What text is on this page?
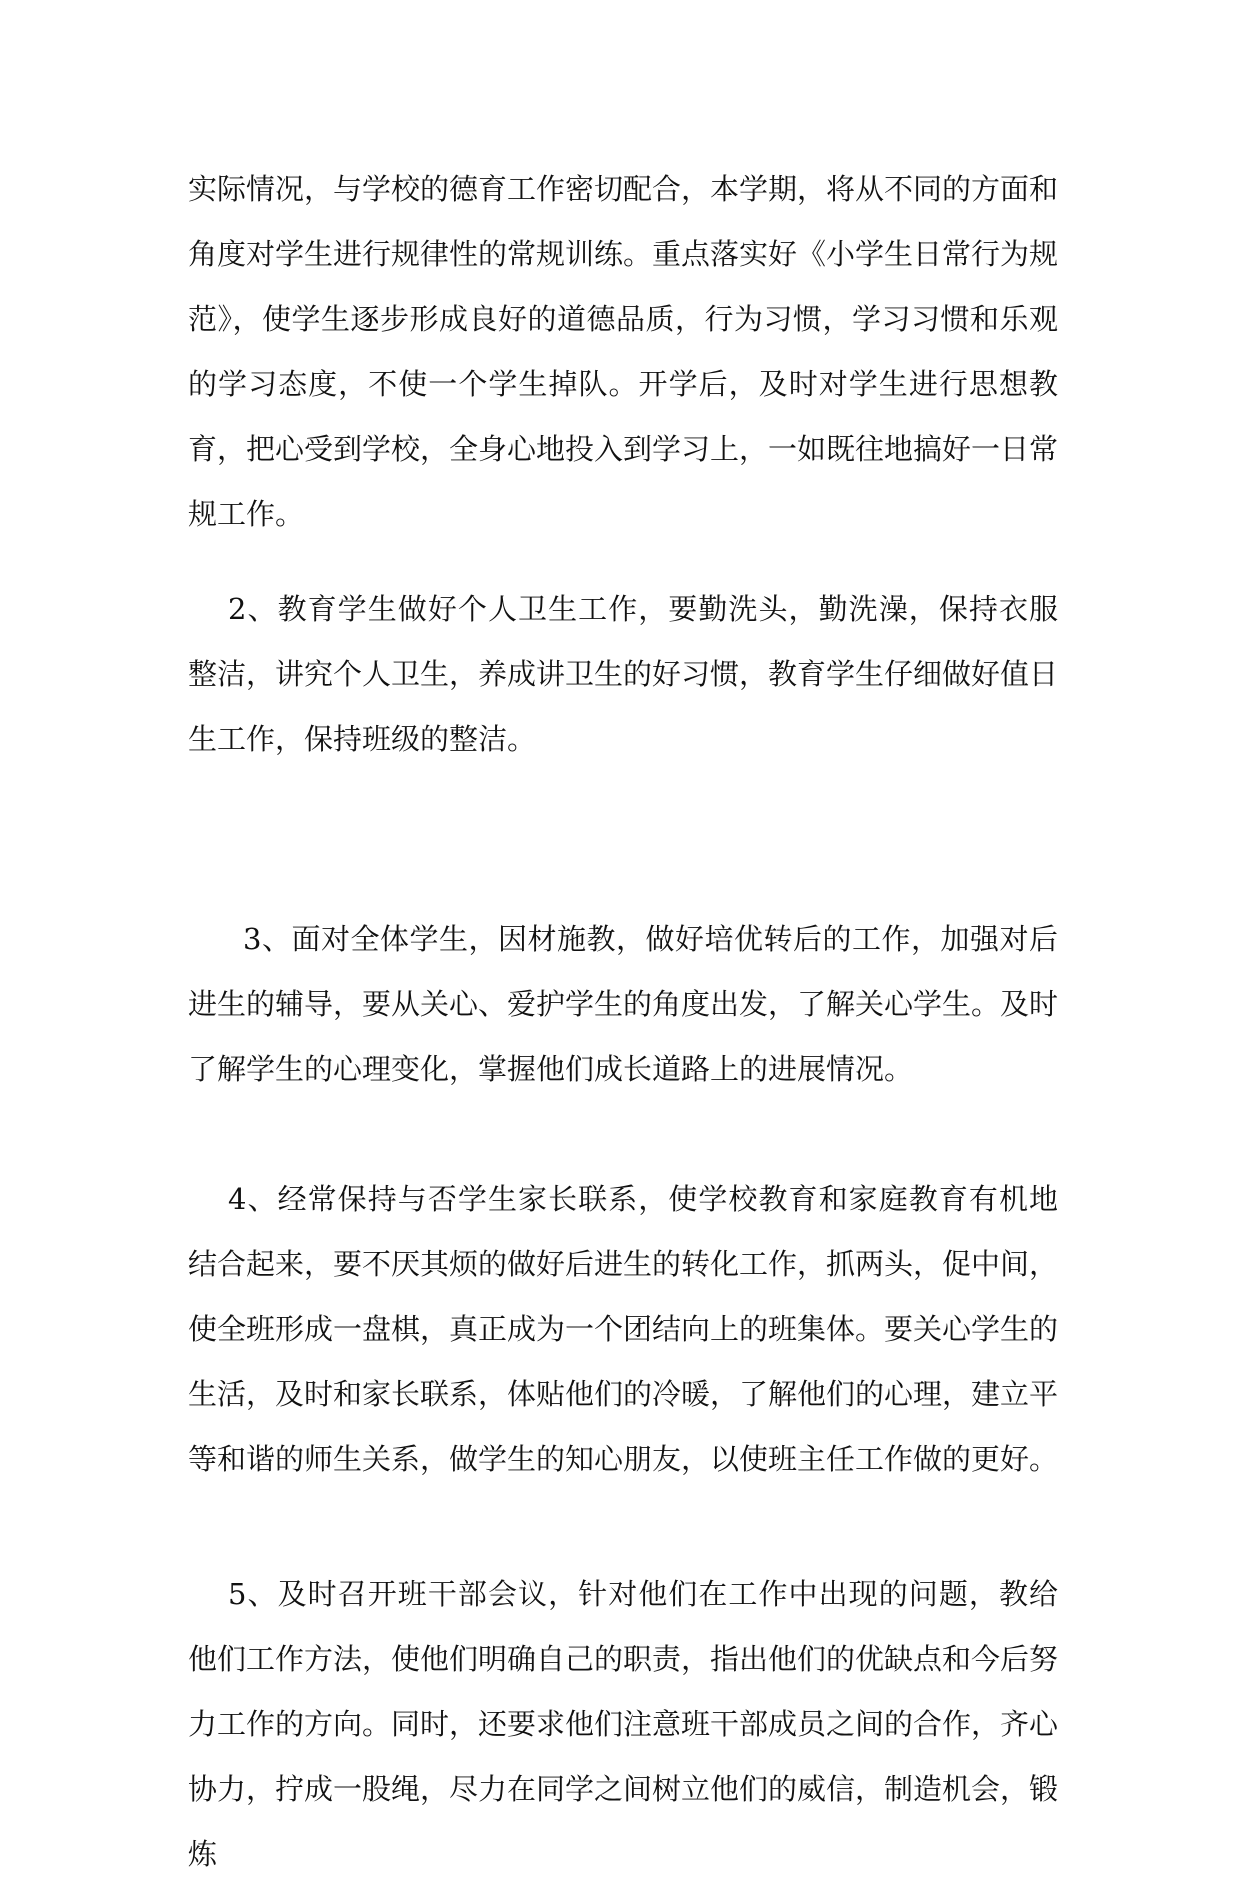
实际情况，与学校的德育工作密切配合，本学期，将从不同的方面和角度对学生进行规律性的常规训练。重点落实好《小学生日常行为规范》，使学生逐步形成良好的道德品质，行为习惯，学习习惯和乐观的学习态度，不使一个学生掉队。开学后，及时对学生进行思想教育，把心受到学校，全身心地投入到学习上，一如既往地搞好一日常规工作。

2、教育学生做好个人卫生工作，要勤洗头，勤洗澡，保持衣服整洁，讲究个人卫生，养成讲卫生的好习惯，教育学生仔细做好值日生工作，保持班级的整洁。

3、面对全体学生，因材施教，做好培优转后的工作，加强对后进生的辅导，要从关心、爱护学生的角度出发，了解关心学生。及时了解学生的心理变化，掌握他们成长道路上的进展情况。

4、经常保持与否学生家长联系，使学校教育和家庭教育有机地结合起来，要不厌其烦的做好后进生的转化工作，抓两头，促中间，使全班形成一盘棋，真正成为一个团结向上的班集体。要关心学生的生活，及时和家长联系，体贴他们的冷暖，了解他们的心理，建立平等和谐的师生关系，做学生的知心朋友，以使班主任工作做的更好。

5、及时召开班干部会议，针对他们在工作中出现的问题，教给他们工作方法，使他们明确自己的职责，指出他们的优缺点和今后努力工作的方向。同时，还要求他们注意班干部成员之间的合作，齐心协力，拧成一股绳，尽力在同学之间树立他们的威信，制造机会，锻炼
